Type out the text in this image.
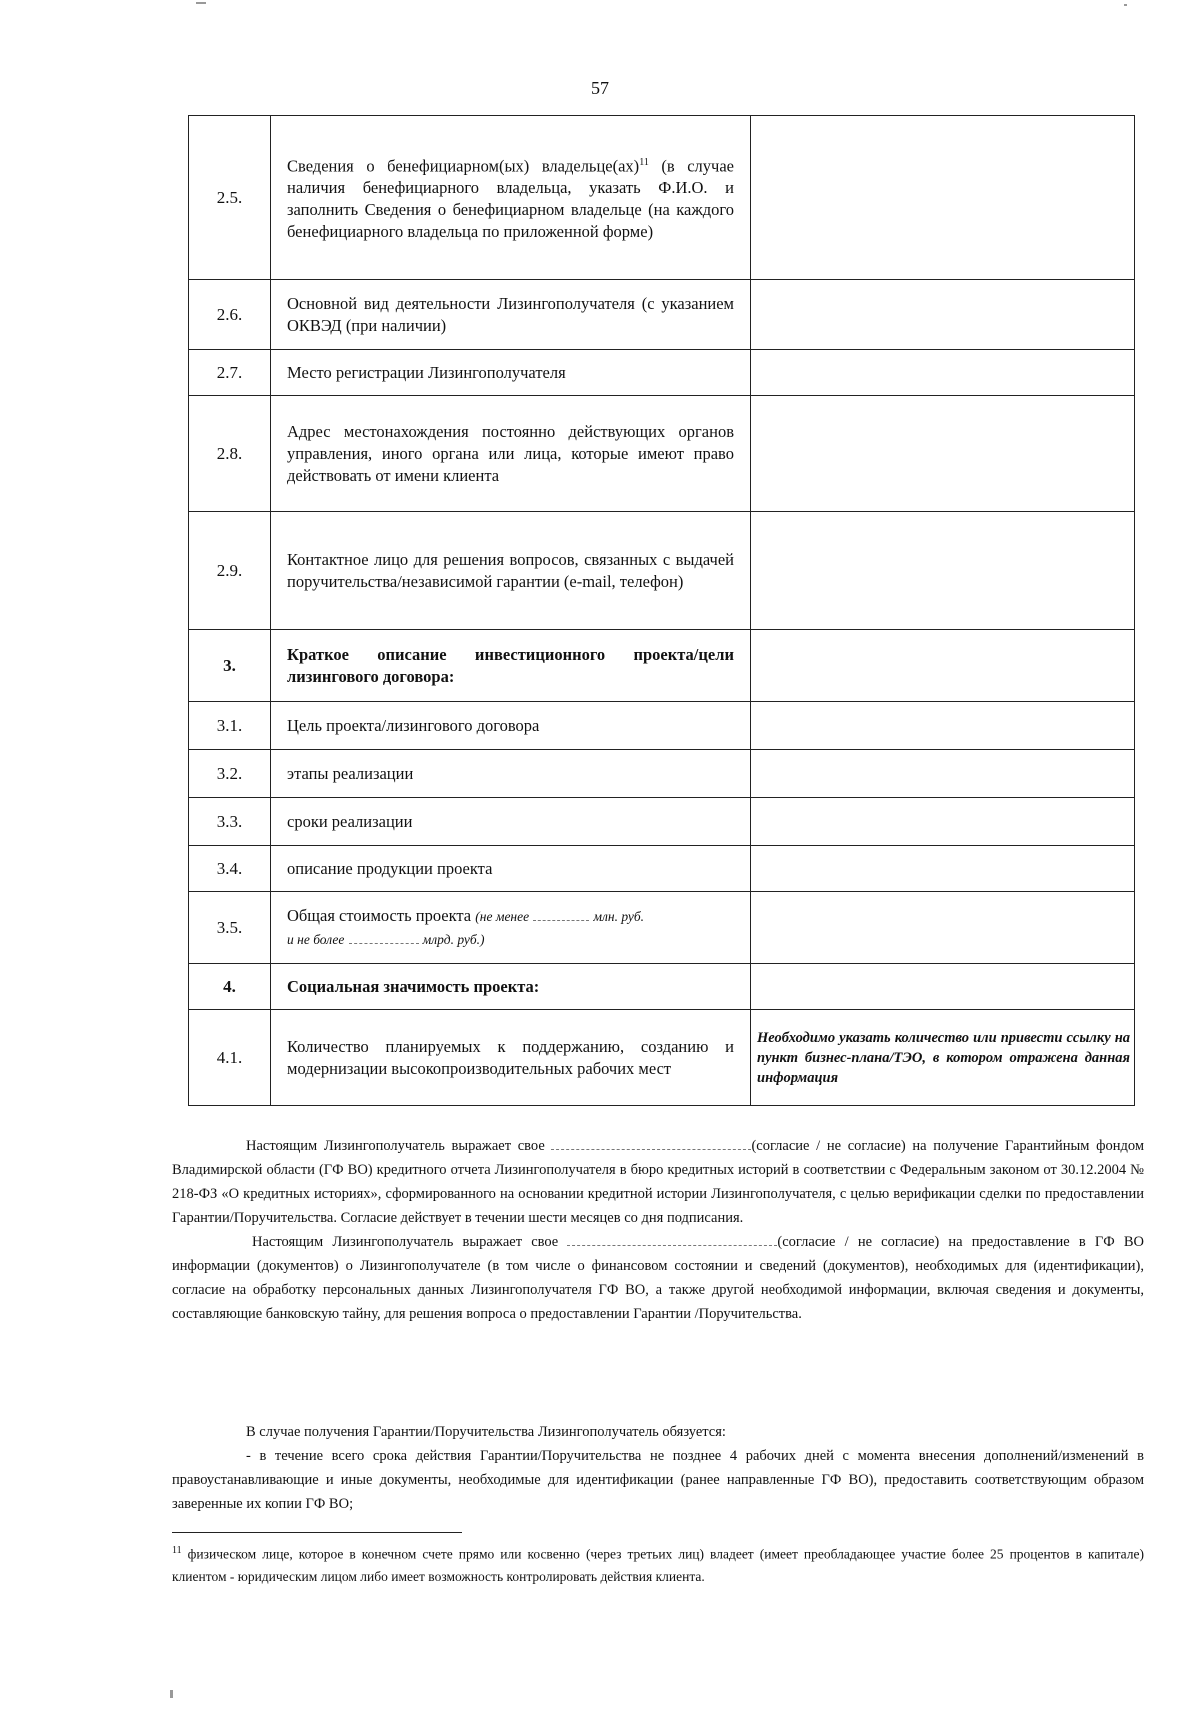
57
2.5.	Сведения о бенефициарном(ых) владельце(ах)$^{11}$ (в случае наличия бенефициарного владельца, указать Ф.И.О. и заполнить Сведения о бенефициарном владельце (на каждого бенефициарного владельца по приложенной форме)	
2.6.	Основной вид деятельности Лизингополучателя (с указанием ОКВЭД (при наличии)	
2.7.	Место регистрации Лизингополучателя	
2.8.	Адрес местонахождения постоянно действующих органов управления, иного органа или лица, которые имеют право действовать от имени клиента	
2.9.	Контактное лицо для решения вопросов, связанных с выдачей поручительства/независимой гарантии (e-mail, телефон)	
3.	Краткое описание инвестиционного проекта/цели лизингового договора:	
3.1.	Цель проекта/лизингового договора	
3.2.	этапы реализации	
3.3.	сроки реализации	
3.4.	описание продукции проекта	
3.5.	Общая стоимость проекта (не менее млн. руб.
и не более млрд. руб.)	
4.	Социальная значимость проекта:	
4.1.	Количество планируемых к поддержанию, созданию и модернизации высокопроизводительных рабочих мест	Необходимо указать количество или привести ссылку на пункт бизнес-плана/ТЭО, в котором отражена данная информация

Настоящим Лизингополучатель выражает свое	(согласие / не согласие) на получение Гарантийным фондом Владимирской области (ГФ ВО) кредитного отчета Лизингополучателя в бюро кредитных историй в соответствии с Федеральным законом от 30.12.2004 № 218-ФЗ «О кредитных историях», сформированного на основании кредитной истории Лизингополучателя, с целью верификации сделки по предоставлении Гарантии/Поручительства. Согласие действует в течении шести месяцев со дня подписания.

Настоящим Лизингополучатель выражает свое	(согласие / не согласие) на предоставление в ГФ ВО информации (документов) о Лизингополучателе (в том числе о финансовом состоянии и сведений (документов), необходимых для (идентификации), согласие на обработку персональных данных Лизингополучателя ГФ ВО, а также другой необходимой информации, включая сведения и документы, составляющие банковскую тайну, для решения вопроса о предоставлении Гарантии /Поручительства.

В случае получения Гарантии/Поручительства Лизингополучатель обязуется:

- в течение всего срока действия Гарантии/Поручительства не позднее 4 рабочих дней с момента внесения дополнений/изменений в правоустанавливающие и иные документы, необходимые для идентификации (ранее направленные ГФ ВО), предоставить соответствующим образом заверенные их копии ГФ ВО;

$^{11}$ физическом лице, которое в конечном счете прямо или косвенно (через третьих лиц) владеет (имеет преобладающее участие более 25 процентов в капитале) клиентом - юридическим лицом либо имеет возможность контролировать действия клиента.
